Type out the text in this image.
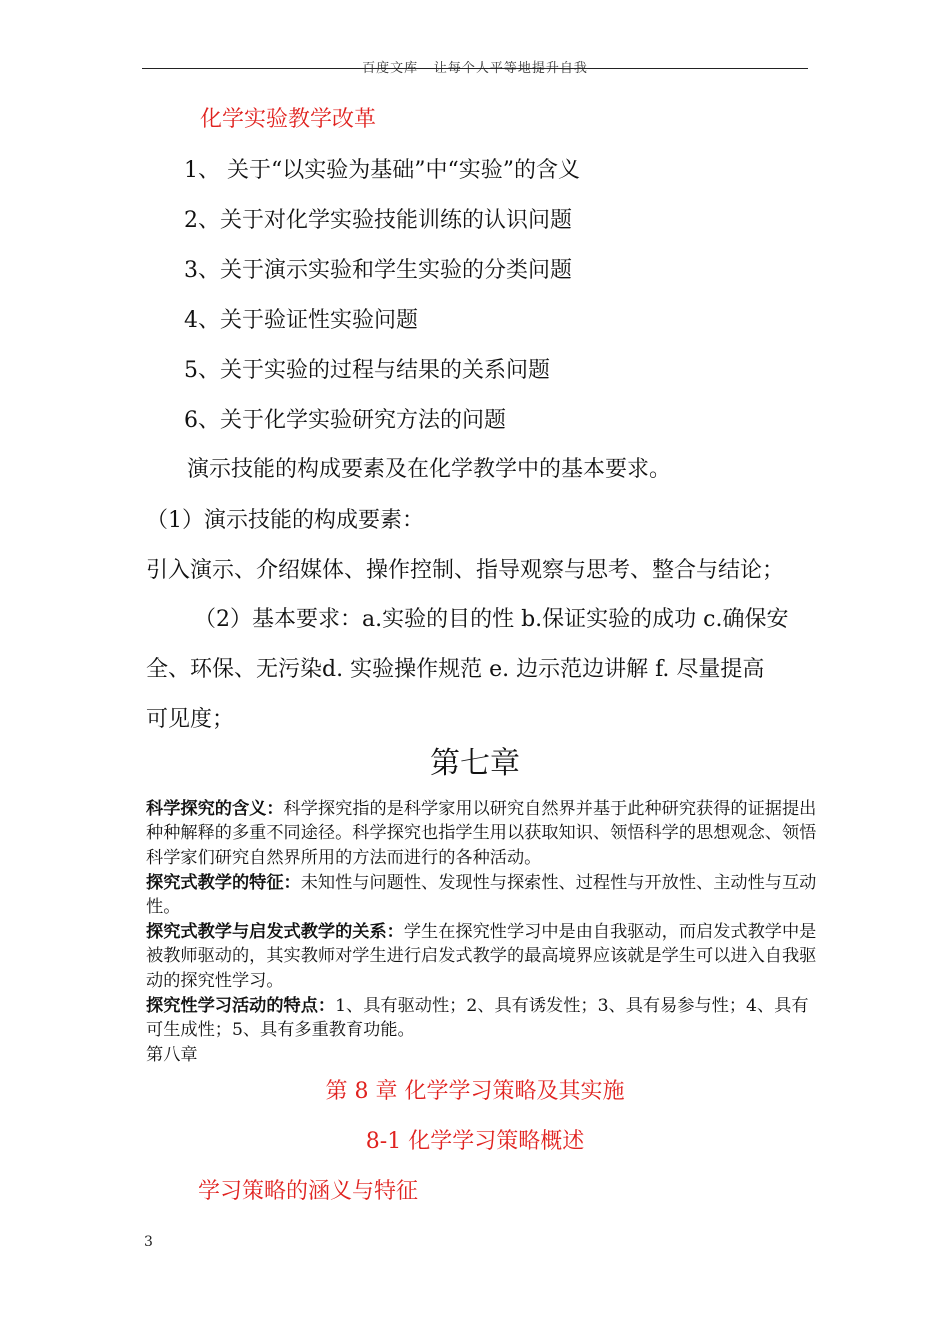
百度文库 - 让每个人平等地提升自我
化学实验教学改革
1、 关于“以实验为基础”中“实验”的含义
2、关于对化学实验技能训练的认识问题
3、关于演示实验和学生实验的分类问题
4、关于验证性实验问题
5、关于实验的过程与结果的关系问题
6、关于化学实验研究方法的问题
演示技能的构成要素及在化学教学中的基本要求。
（1）演示技能的构成要素：
引入演示、介绍媒体、操作控制、指导观察与思考、整合与结论；
（2）基本要求：a.实验的目的性 b.保证实验的成功 c.确保安
全、环保、无污染d. 实验操作规范 e. 边示范边讲解 f. 尽量提高
可见度；
第七章
科学探究的含义：科学探究指的是科学家用以研究自然界并基于此种研究获得的证据提出种种解释的多重不同途径。科学探究也指学生用以获取知识、领悟科学的思想观念、领悟科学家们研究自然界所用的方法而进行的各种活动。
探究式教学的特征：未知性与问题性、发现性与探索性、过程性与开放性、主动性与互动性。
探究式教学与启发式教学的关系：学生在探究性学习中是由自我驱动，而启发式教学中是被教师驱动的，其实教师对学生进行启发式教学的最高境界应该就是学生可以进入自我驱动的探究性学习。
探究性学习活动的特点：1、具有驱动性；2、具有诱发性；3、具有易参与性；4、具有可生成性；5、具有多重教育功能。
第八章
第 8 章 化学学习策略及其实施
8-1 化学学习策略概述
学习策略的涵义与特征
3
